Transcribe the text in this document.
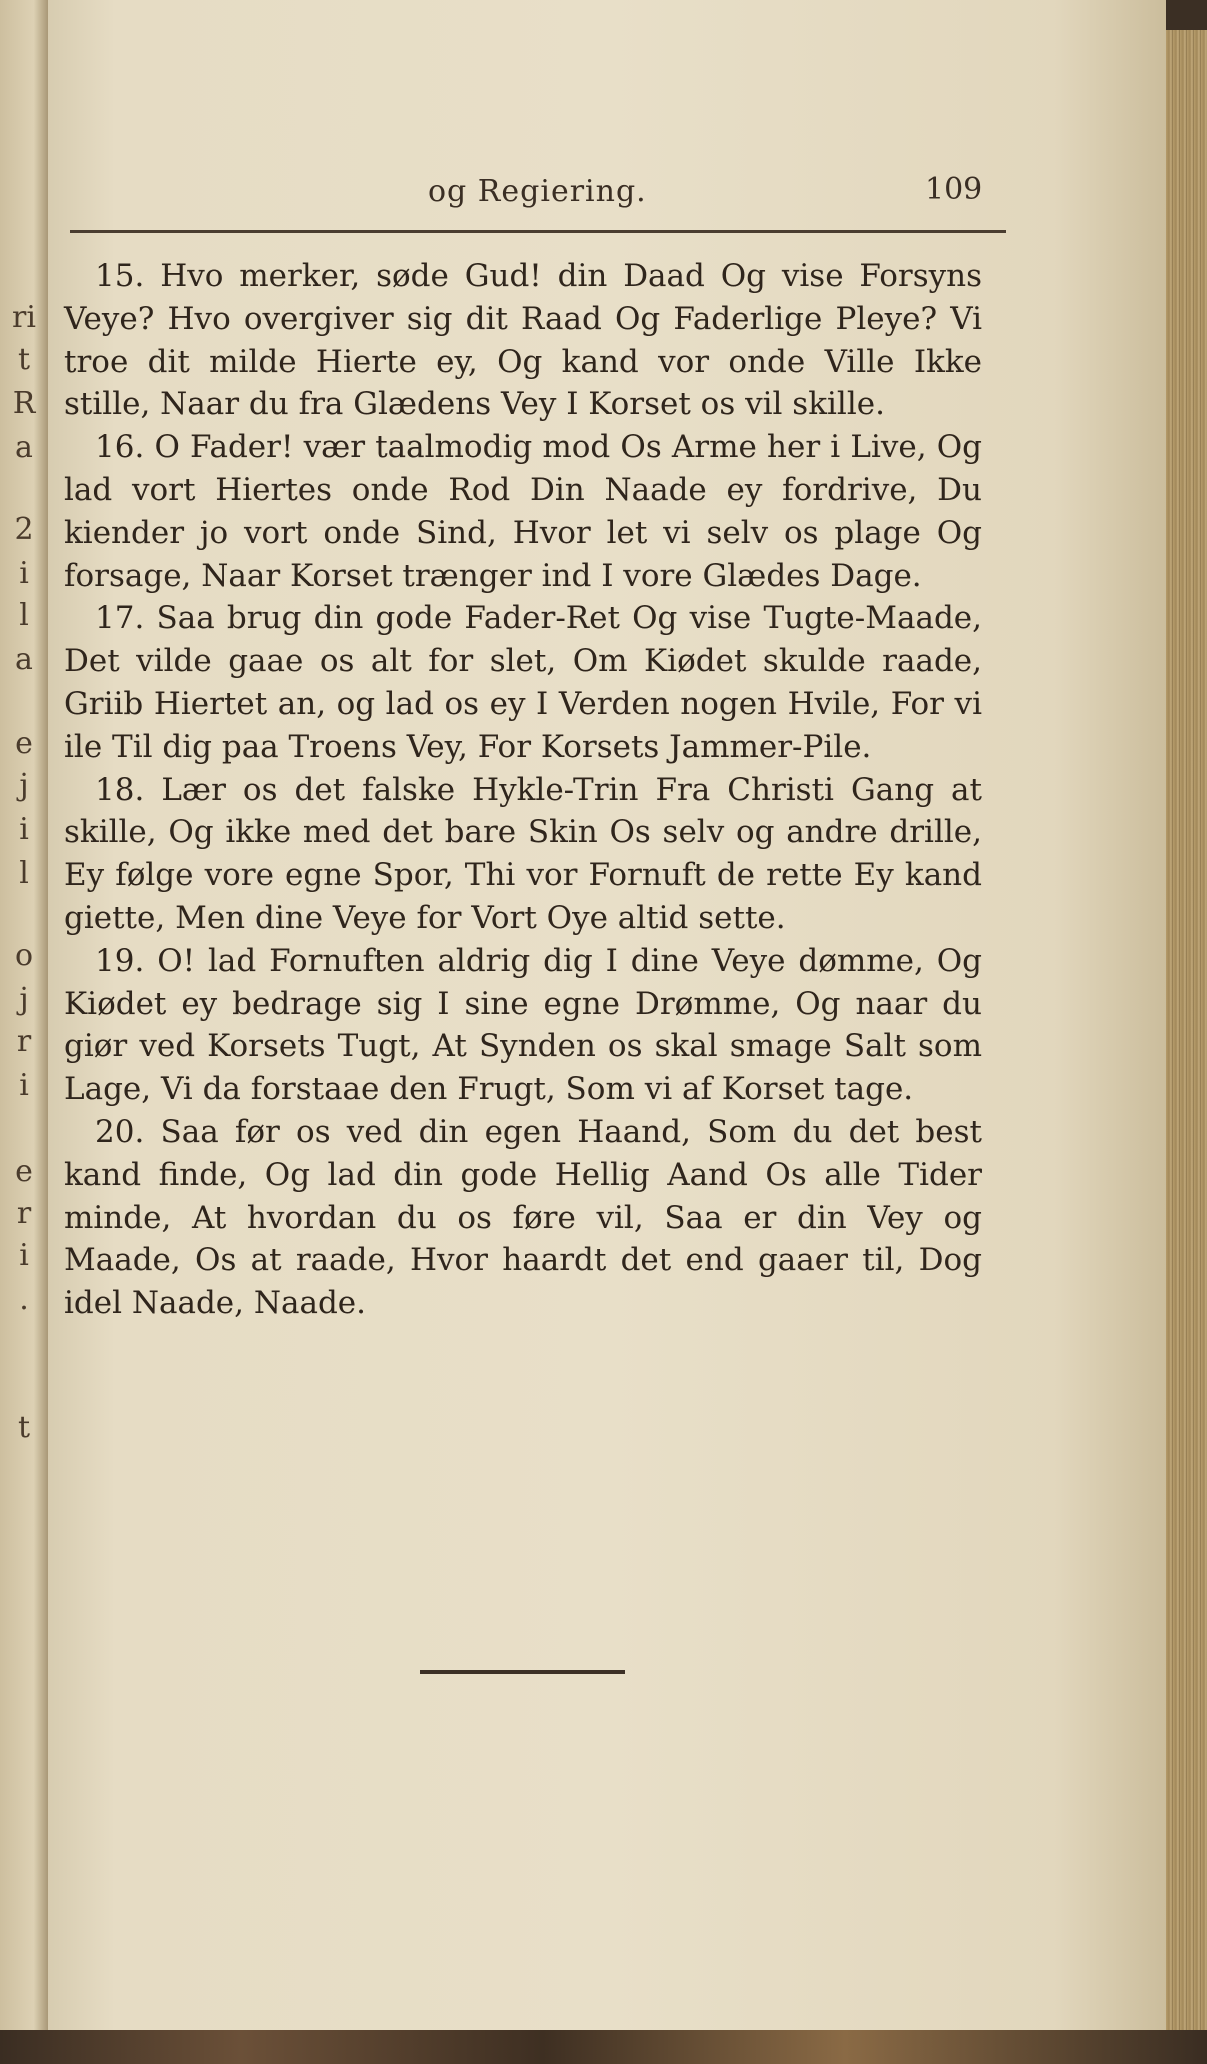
ri
t
R
a
2
i
l
a
e
j
i
l
o
j
r
i
e
r
i
.
t
og Regiering.	109

 15. Hvo merker, søde Gud! din Daad Og vise Forsyns Veye? Hvo overgiver sig dit Raad Og Faderlige Pleye? Vi troe dit milde Hierte ey, Og kand vor onde Ville Ikke stille, Naar du fra Glædens Vey I Korset os vil skille.

 16. O Fader! vær taalmodig mod Os Arme her i Live, Og lad vort Hiertes onde Rod Din Naade ey fordrive, Du kiender jo vort onde Sind, Hvor let vi selv os plage Og forsage, Naar Korset trænger ind I vore Glædes Dage.

 17. Saa brug din gode Fader-Ret Og vise Tugte-Maade, Det vilde gaae os alt for slet, Om Kiødet skulde raade, Griib Hiertet an, og lad os ey I Verden nogen Hvile, For vi ile Til dig paa Troens Vey, For Korsets Jammer-Pile.

 18. Lær os det falske Hykle-Trin Fra Christi Gang at skille, Og ikke med det bare Skin Os selv og andre drille, Ey følge vore egne Spor, Thi vor Fornuft de rette Ey kand giette, Men dine Veye for Vort Oye altid sette.

 19. O! lad Fornuften aldrig dig I dine Veye dømme, Og Kiødet ey bedrage sig I sine egne Drømme, Og naar du giør ved Korsets Tugt, At Synden os skal smage Salt som Lage, Vi da forstaae den Frugt, Som vi af Korset tage.

 20. Saa før os ved din egen Haand, Som du det best kand finde, Og lad din gode Hellig Aand Os alle Tider minde, At hvordan du os føre vil, Saa er din Vey og Maade, Os at raade, Hvor haardt det end gaaer til, Dog idel Naade, Naade.
